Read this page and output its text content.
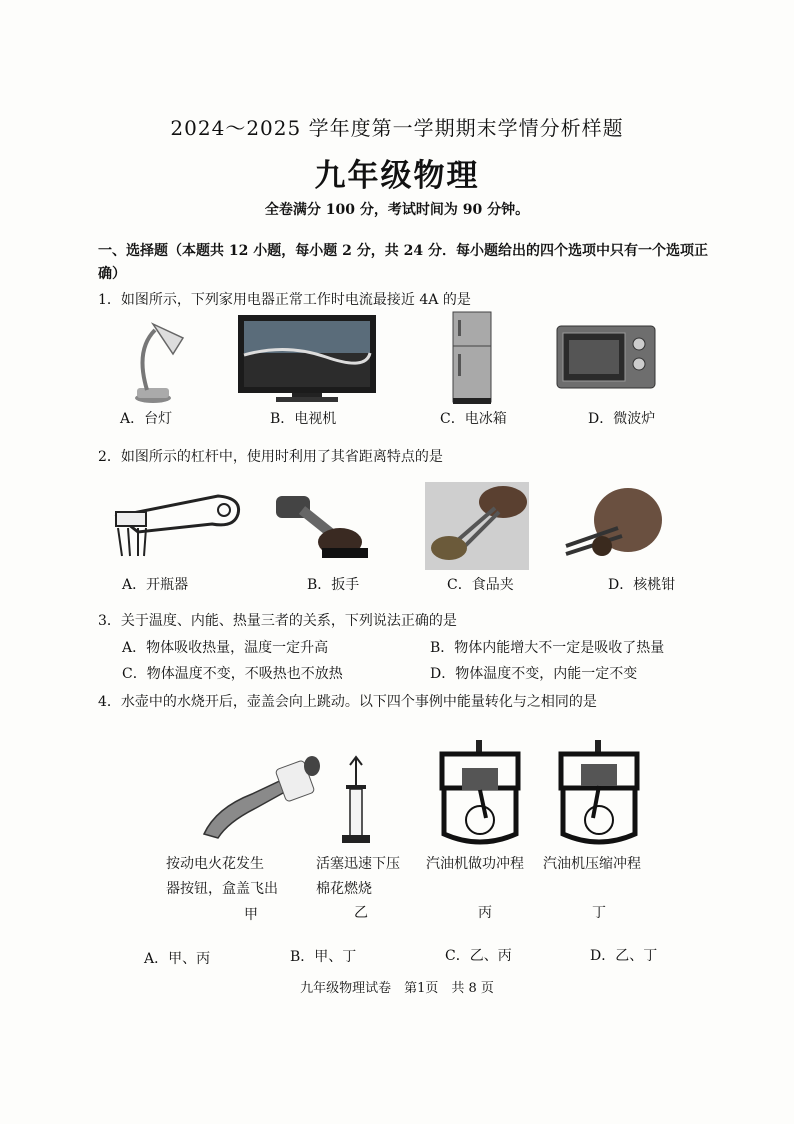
2024～2025 学年度第一学期期末学情分析样题
九年级物理
全卷满分 100 分，考试时间为 90 分钟。
一、选择题（本题共 12 小题，每小题 2 分，共 24 分．每小题给出的四个选项中只有一个选项正确）
1．如图所示，下列家用电器正常工作时电流最接近 4A 的是
A．台灯	B．电视机	C．电冰箱	D．微波炉
2．如图所示的杠杆中，使用时利用了其省距离特点的是
A．开瓶器	B．扳手	C．食品夹	D．核桃钳
3．关于温度、内能、热量三者的关系，下列说法正确的是
A．物体吸收热量，温度一定升高	B．物体内能增大不一定是吸收了热量
C．物体温度不变，不吸热也不放热	D．物体温度不变，内能一定不变
4．水壶中的水烧开后，壶盖会向上跳动。以下四个事例中能量转化与之相同的是
按动电火花发生
器按钮，盒盖飞出
活塞迅速下压
棉花燃烧
汽油机做功冲程 汽油机压缩冲程
甲	乙	丙	丁
A．甲、丙	B．甲、丁	C．乙、丙	D．乙、丁
九年级物理试卷　第1页　共 8 页
